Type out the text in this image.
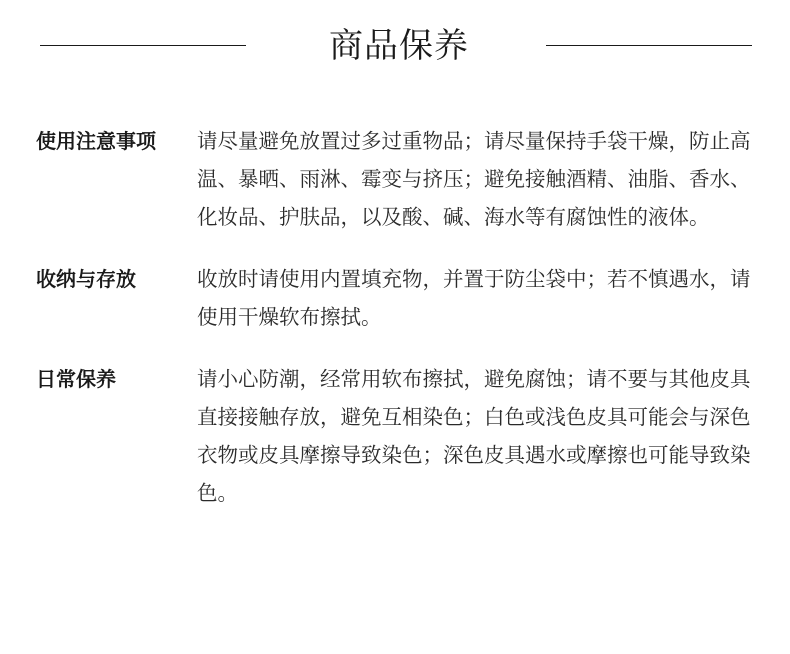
商品保养
使用注意事项	请尽量避免放置过多过重物品；请尽量保持手袋干燥，防止高温、暴晒、雨淋、霉变与挤压；避免接触酒精、油脂、香水、化妆品、护肤品，以及酸、碱、海水等有腐蚀性的液体。
收纳与存放	收放时请使用内置填充物，并置于防尘袋中；若不慎遇水，请使用干燥软布擦拭。
日常保养	请小心防潮，经常用软布擦拭，避免腐蚀；请不要与其他皮具直接接触存放，避免互相染色；白色或浅色皮具可能会与深色衣物或皮具摩擦导致染色；深色皮具遇水或摩擦也可能导致染色。
